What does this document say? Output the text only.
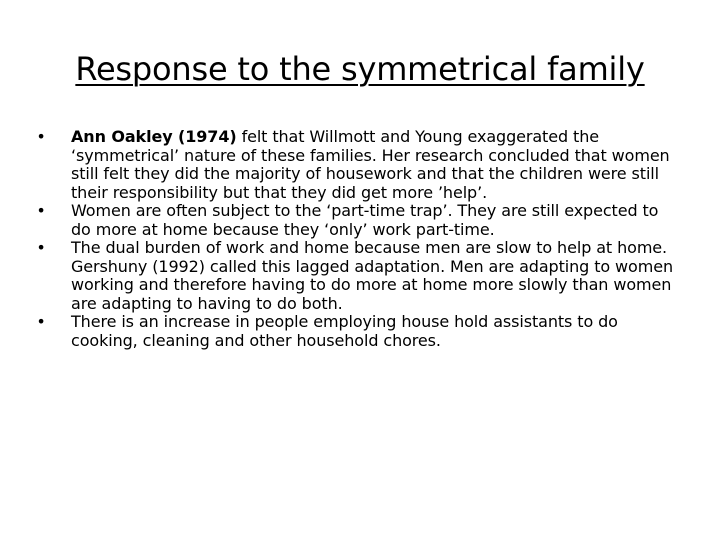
Response to the symmetrical family
• Ann Oakley (1974) felt that Willmott and Young exaggerated the ‘symmetrical’ nature of these families. Her research concluded that women still felt they did the majority of housework and that the children were still their responsibility but that they did get more ’help’.
• Women are often subject to the ‘part-time trap’. They are still expected to do more at home because they ‘only’ work part-time.
• The dual burden of work and home because men are slow to help at home. Gershuny (1992) called this lagged adaptation. Men are adapting to women working and therefore having to do more at home more slowly than women are adapting to having to do both.
• There is an increase in people employing house hold assistants to do cooking, cleaning and other household chores.
